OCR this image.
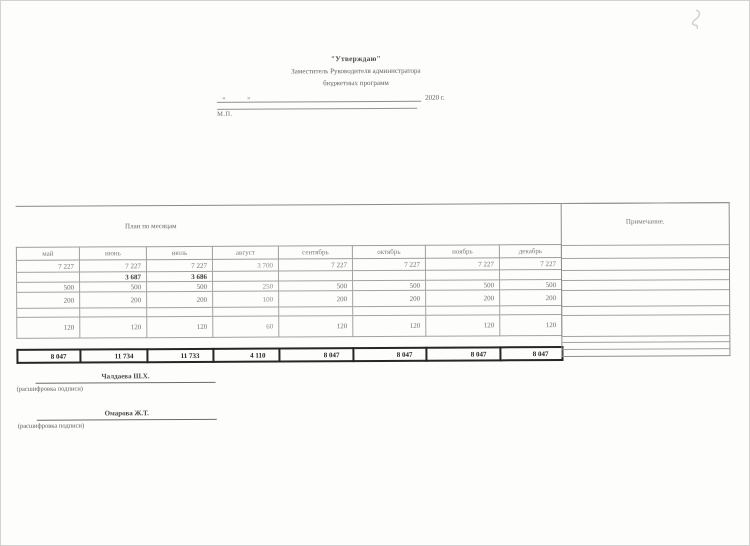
"Утверждаю"
Заместитель Руководителя администратора
бюджетных программ
«	»	2020 г.
М.П.
План по месяцам
май	июнь	июль	август	сентябрь	октябрь	ноябрь	декабрь
7 227	7 227	7 227	3 700	7 227	7 227	7 227	7 227
	3 687	3 686					
500	500	500	250	500	500	500	500
200	200	200	100	200	200	200	200

120	120	120	60	120	120	120	120
8 047	11 734	11 733	4 110	8 047	8 047	8 047	8 047
Примечание.
Чалдаева Ш.Х.
(расшифровка подписи)
Омарова Ж.Т.
(расшифровка подписи)
